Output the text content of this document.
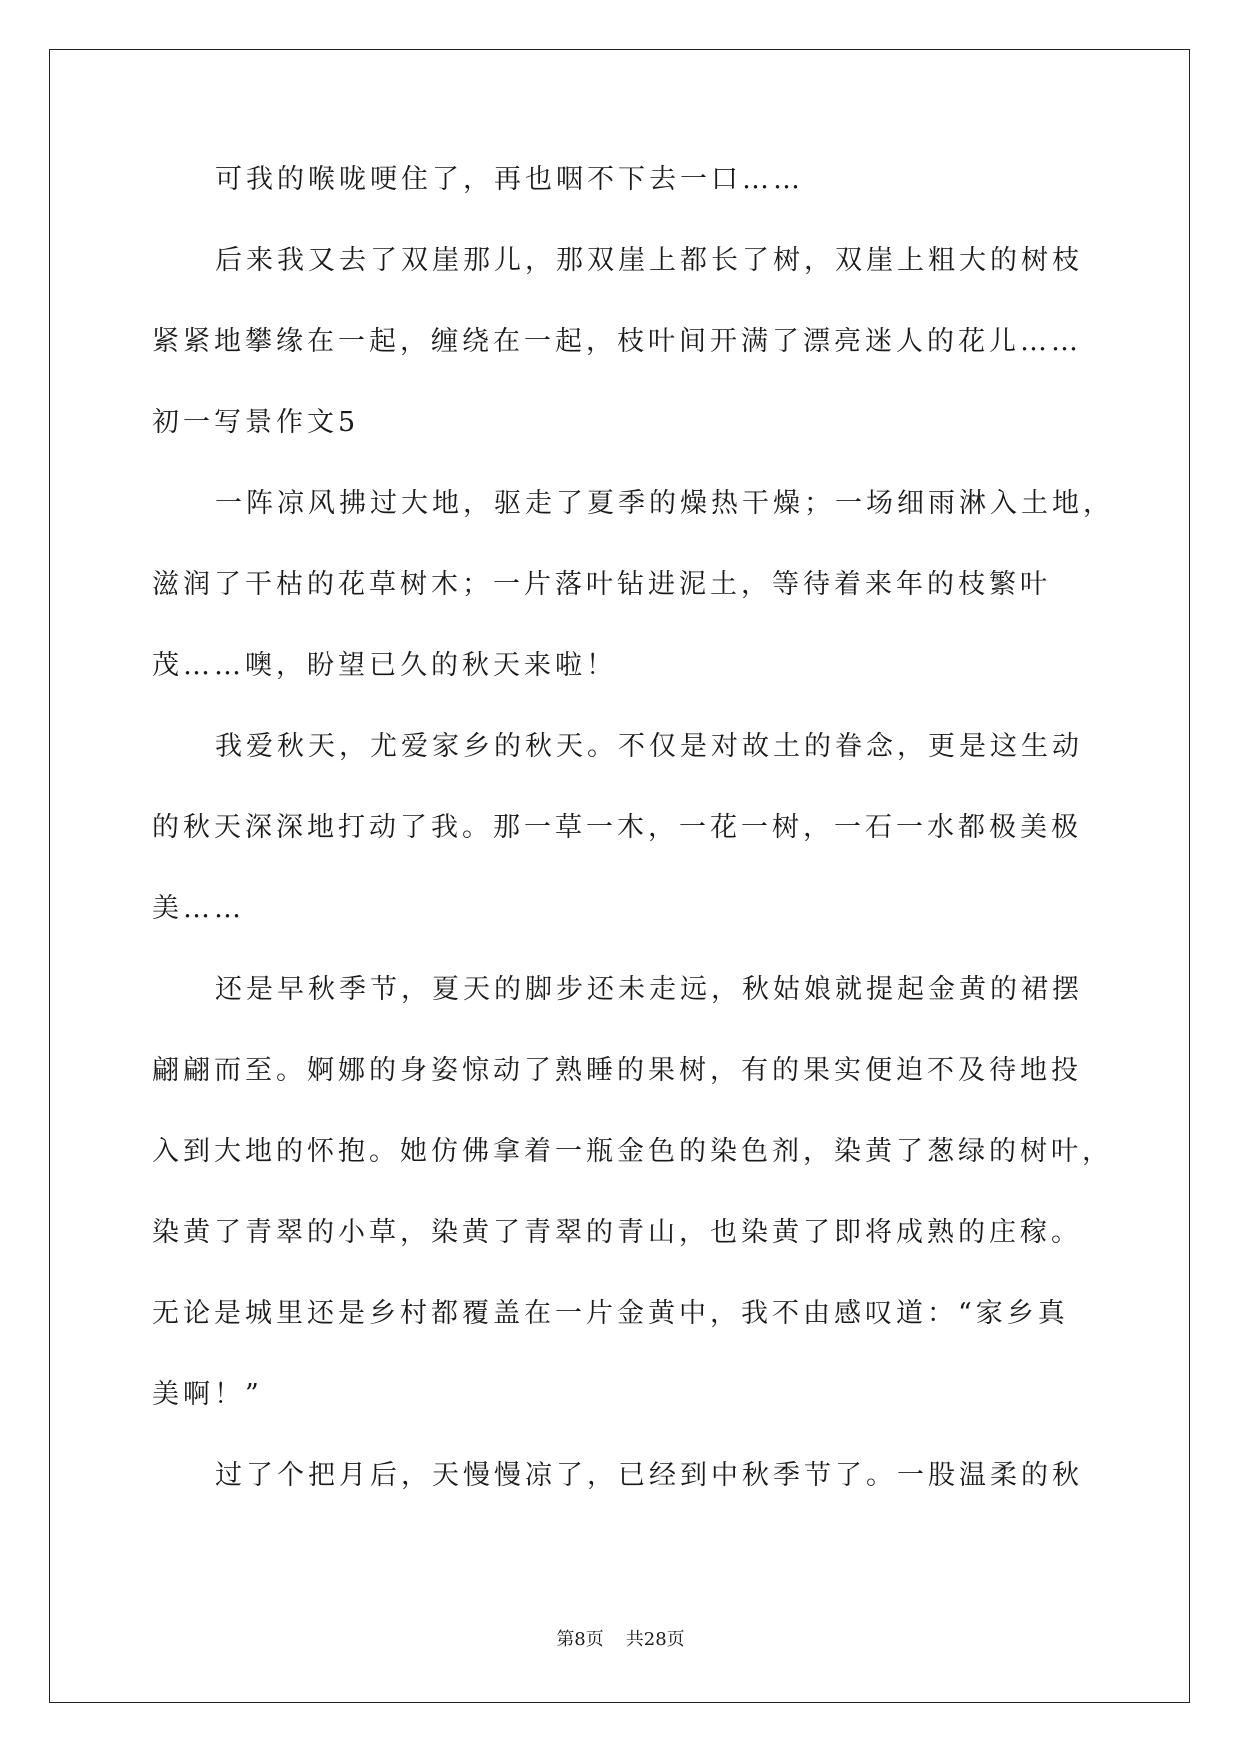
可我的喉咙哽住了，再也咽不下去一口……
后来我又去了双崖那儿，那双崖上都长了树，双崖上粗大的树枝
紧紧地攀缘在一起，缠绕在一起，枝叶间开满了漂亮迷人的花儿……
初一写景作文5
一阵凉风拂过大地，驱走了夏季的燥热干燥；一场细雨淋入土地，
滋润了干枯的花草树木；一片落叶钻进泥土，等待着来年的枝繁叶
茂……噢，盼望已久的秋天来啦！
我爱秋天，尤爱家乡的秋天。不仅是对故土的眷念，更是这生动
的秋天深深地打动了我。那一草一木，一花一树，一石一水都极美极
美……
还是早秋季节，夏天的脚步还未走远，秋姑娘就提起金黄的裙摆
翩翩而至。婀娜的身姿惊动了熟睡的果树，有的果实便迫不及待地投
入到大地的怀抱。她仿佛拿着一瓶金色的染色剂，染黄了葱绿的树叶，
染黄了青翠的小草，染黄了青翠的青山，也染黄了即将成熟的庄稼。
无论是城里还是乡村都覆盖在一片金黄中，我不由感叹道：“家乡真
美啊！”
过了个把月后，天慢慢凉了，已经到中秋季节了。一股温柔的秋
第8页 共28页
